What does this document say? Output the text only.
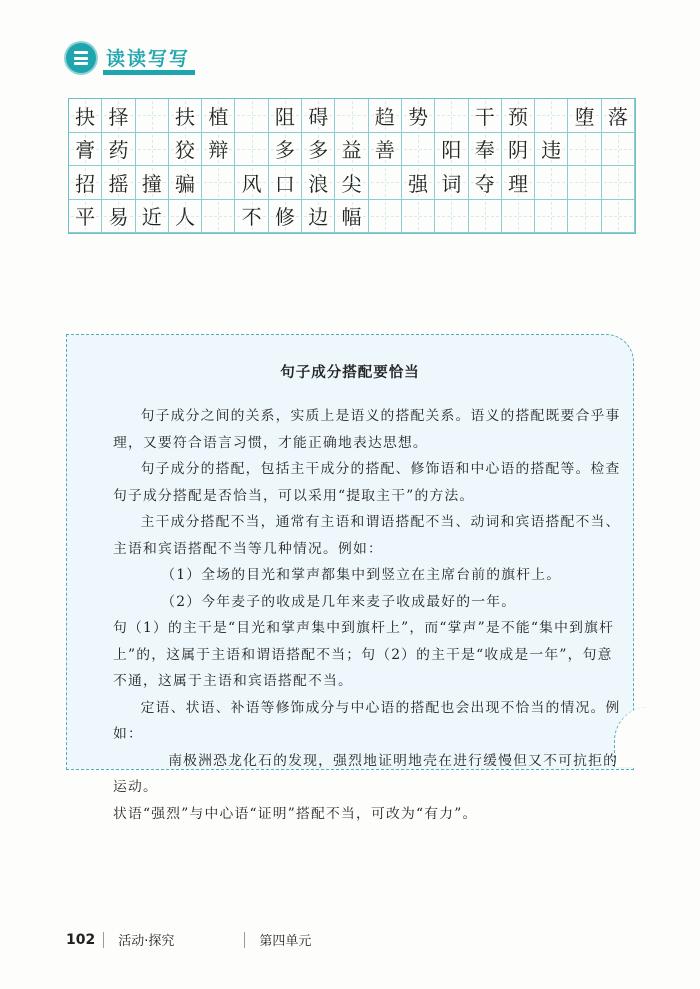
读读写写
抉 择 扶 植 阻 碍 趋 势 干 预 堕 落
膏 药 狡 辩 多 多 益 善 阳 奉 阴 违
招 摇 撞 骗 风 口 浪 尖 强 词 夺 理
平 易 近 人 不 修 边 幅
句子成分搭配要恰当

句子成分之间的关系，实质上是语义的搭配关系。语义的搭配既要合乎事理，又要符合语言习惯，才能正确地表达思想。

句子成分的搭配，包括主干成分的搭配、修饰语和中心语的搭配等。检查句子成分搭配是否恰当，可以采用“提取主干”的方法。

主干成分搭配不当，通常有主语和谓语搭配不当、动词和宾语搭配不当、主语和宾语搭配不当等几种情况。例如：

（1）全场的目光和掌声都集中到竖立在主席台前的旗杆上。

（2）今年麦子的收成是几年来麦子收成最好的一年。

句（1）的主干是“目光和掌声集中到旗杆上”，而“掌声”是不能“集中到旗杆上”的，这属于主语和谓语搭配不当；句（2）的主干是“收成是一年”，句意不通，这属于主语和宾语搭配不当。

定语、状语、补语等修饰成分与中心语的搭配也会出现不恰当的情况。例如：

南极洲恐龙化石的发现，强烈地证明地壳在进行缓慢但又不可抗拒的运动。

状语“强烈”与中心语“证明”搭配不当，可改为“有力”。

102 活动·探究	第四单元
